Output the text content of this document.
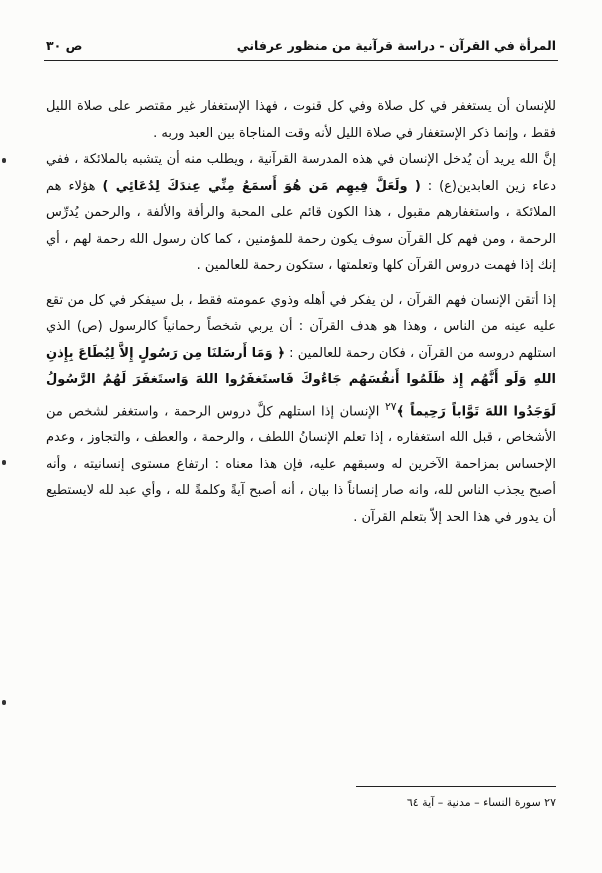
المرأة في القرآن - دراسة قرآنية من منظور عرفاني
ص ٣٠

للإنسان أن يستغفر في كل صلاة وفي كل قنوت ، فهذا الإستغفار غير مقتصر على صلاة الليل فقط ، وإنما ذكر الإستغفار في صلاة الليل لأنه وقت المناجاة بين العبد وربه .

إنَّ الله يريد أن يُدخل الإنسان في هذه المدرسة القرآنية ، ويطلب منه أن يتشبه بالملائكة ، ففي دعاء زين العابدين(ع) : ( ولَعَلَّ فِيهِم مَن هُوَ أَسمَعُ مِنِّي عِندَكَ لِدُعَائِي ) هؤلاء هم الملائكة ، واستغفارهم مقبول ، هذا الكون قائم على المحبة والرأفة والألفة ، والرحمن يُدرِّس الرحمة ، ومن فهم كل القرآن سوف يكون رحمة للمؤمنين ، كما كان رسول الله رحمة لهم ، أي إنك إذا فهمت دروس القرآن كلها وتعلمتها ، ستكون رحمة للعالمين .

إذا أتقن الإنسان فهم القرآن ، لن يفكر في أهله وذوي عمومته فقط ، بل سيفكر في كل من تقع عليه عينه من الناس ، وهذا هو هدف القرآن : أن يربي شخصاً رحمانياً كالرسول (ص) الذي استلهم دروسه من القرآن ، فكان رحمة للعالمين : ﴿ وَمَا أَرسَلنَا مِن رَسُولٍ إِلاَّ لِيُطَاعَ بِإِذنِ اللهِ وَلَو أَنَّهُم إِذ ظَلَمُوا أَنفُسَهُم جَاءُوكَ فَاستَغفَرُوا اللهَ وَاستَغفَرَ لَهُمُ الرَّسُولُ لَوَجَدُوا اللهَ تَوَّاباً رَحِيماً ﴾$^{٢٧}$ الإنسان إذا استلهم كلَّ دروس الرحمة ، واستغفر لشخص من الأشخاص ، قبل الله استغفاره ، إذا تعلم الإنسانُ اللطف ، والرحمة ، والعطف ، والتجاوز ، وعدم الإحساس بمزاحمة الآخرين له وسبقهم عليه، فإن هذا معناه : ارتفاع مستوى إنسانيته ، وأنه أصبح يجذب الناس لله، وانه صار إنساناً ذا بيان ، أنه أصبح آيةً وكلمةً لله ، وأي عبد لله لايستطيع أن يدور في هذا الحد إلاّ بتعلم القرآن .

٢٧ سورة النساء – مدنية – آية ٦٤
